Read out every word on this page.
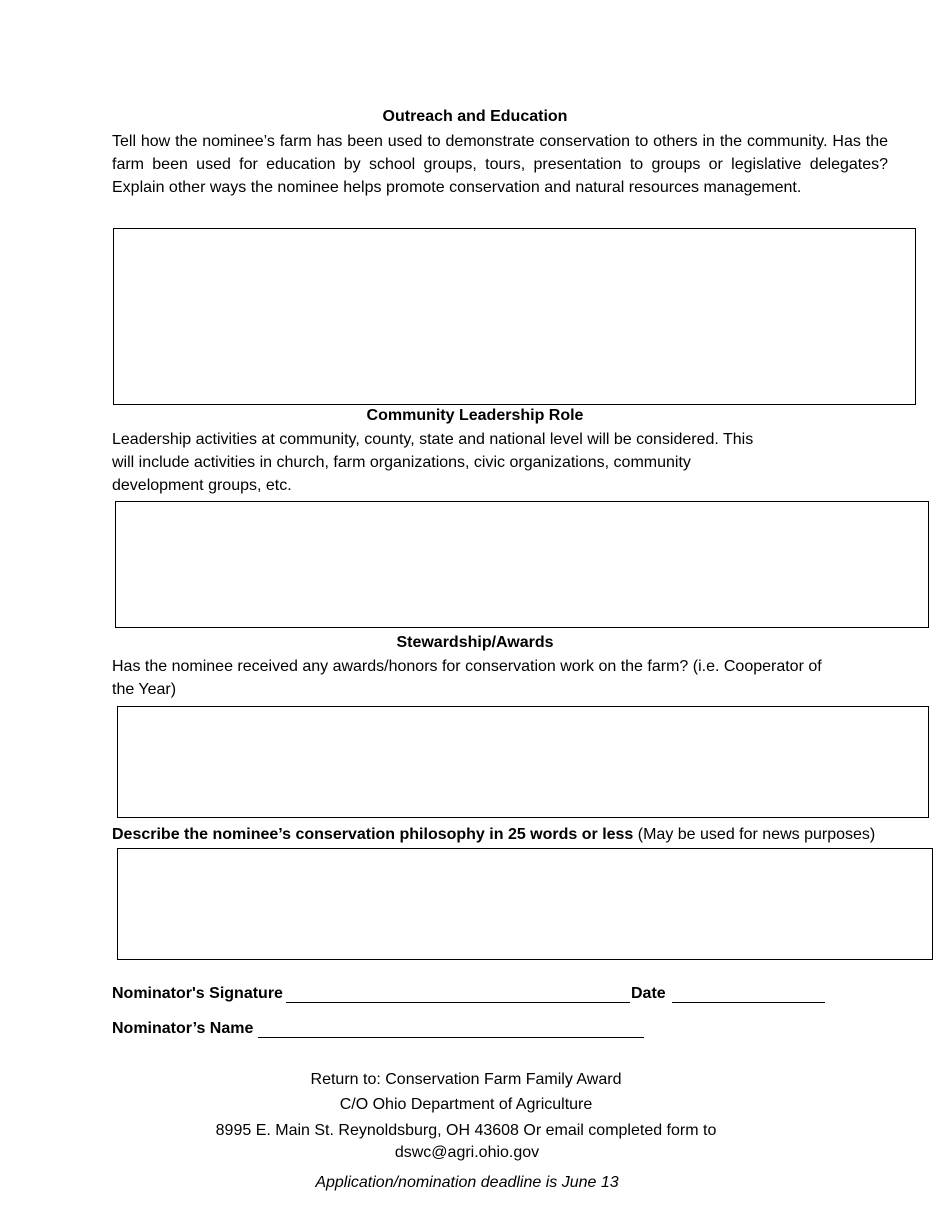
Outreach and Education
Tell how the nominee’s farm has been used to demonstrate conservation to others in the community. Has the farm been used for education by school groups, tours, presentation to groups or legislative delegates? Explain other ways the nominee helps promote conservation and natural resources management.
Community Leadership Role
Leadership activities at community, county, state and national level will be considered. This
will include activities in church, farm organizations, civic organizations, community
development groups, etc.
Stewardship/Awards
Has the nominee received any awards/honors for conservation work on the farm? (i.e. Cooperator of
the Year)
Describe the nominee’s conservation philosophy in 25 words or less (May be used for news purposes)
Nominator's Signature	Date
Nominator’s Name
Return to: Conservation Farm Family Award
C/O Ohio Department of Agriculture
8995 E. Main St. Reynoldsburg, OH 43608 Or email completed form to
dswc@agri.ohio.gov
Application/nomination deadline is June 13
